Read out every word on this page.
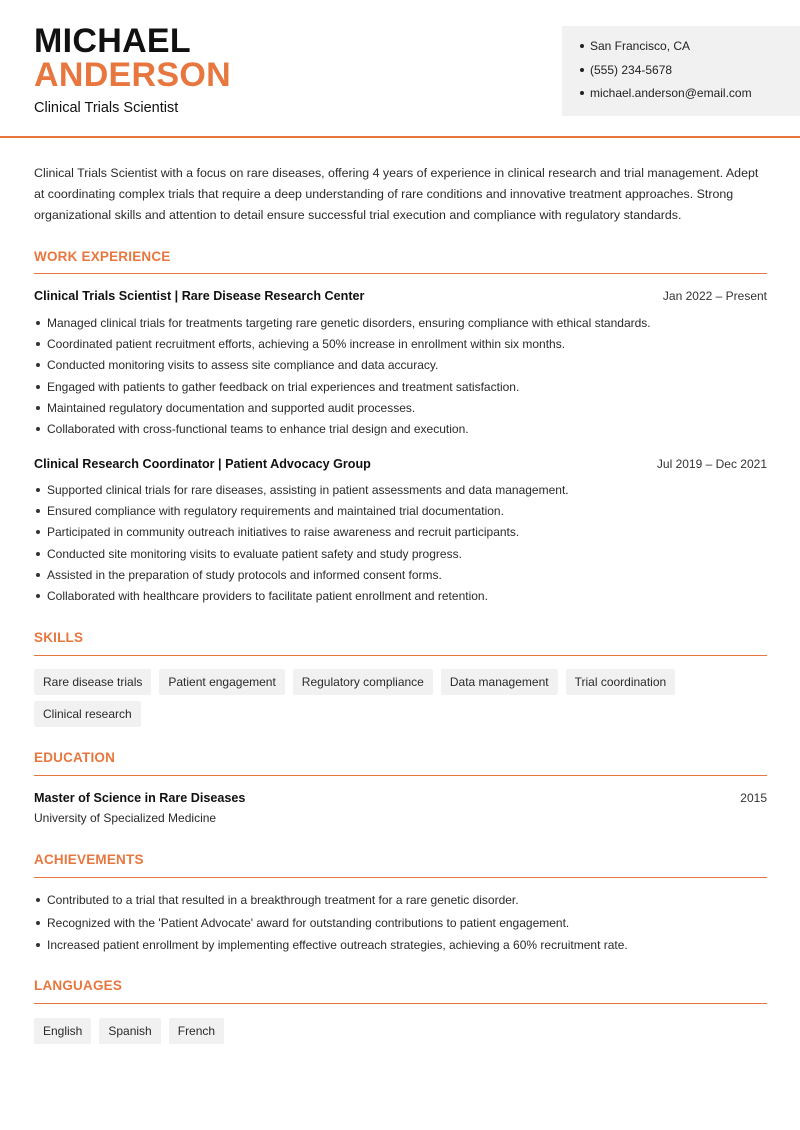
MICHAEL
ANDERSON
Clinical Trials Scientist
San Francisco, CA
(555) 234-5678
michael.anderson@email.com

Clinical Trials Scientist with a focus on rare diseases, offering 4 years of experience in clinical research and trial management. Adept at coordinating complex trials that require a deep understanding of rare conditions and innovative treatment approaches. Strong organizational skills and attention to detail ensure successful trial execution and compliance with regulatory standards.

WORK EXPERIENCE
Clinical Trials Scientist | Rare Disease Research Center	Jan 2022 – Present
Managed clinical trials for treatments targeting rare genetic disorders, ensuring compliance with ethical standards.
Coordinated patient recruitment efforts, achieving a 50% increase in enrollment within six months.
Conducted monitoring visits to assess site compliance and data accuracy.
Engaged with patients to gather feedback on trial experiences and treatment satisfaction.
Maintained regulatory documentation and supported audit processes.
Collaborated with cross-functional teams to enhance trial design and execution.
Clinical Research Coordinator | Patient Advocacy Group	Jul 2019 – Dec 2021
Supported clinical trials for rare diseases, assisting in patient assessments and data management.
Ensured compliance with regulatory requirements and maintained trial documentation.
Participated in community outreach initiatives to raise awareness and recruit participants.
Conducted site monitoring visits to evaluate patient safety and study progress.
Assisted in the preparation of study protocols and informed consent forms.
Collaborated with healthcare providers to facilitate patient enrollment and retention.
SKILLS
Rare disease trials	Patient engagement	Regulatory compliance	Data management	Trial coordination
Clinical research
EDUCATION
Master of Science in Rare Diseases	2015
University of Specialized Medicine
ACHIEVEMENTS
Contributed to a trial that resulted in a breakthrough treatment for a rare genetic disorder.
Recognized with the 'Patient Advocate' award for outstanding contributions to patient engagement.
Increased patient enrollment by implementing effective outreach strategies, achieving a 60% recruitment rate.
LANGUAGES
English	Spanish	French
